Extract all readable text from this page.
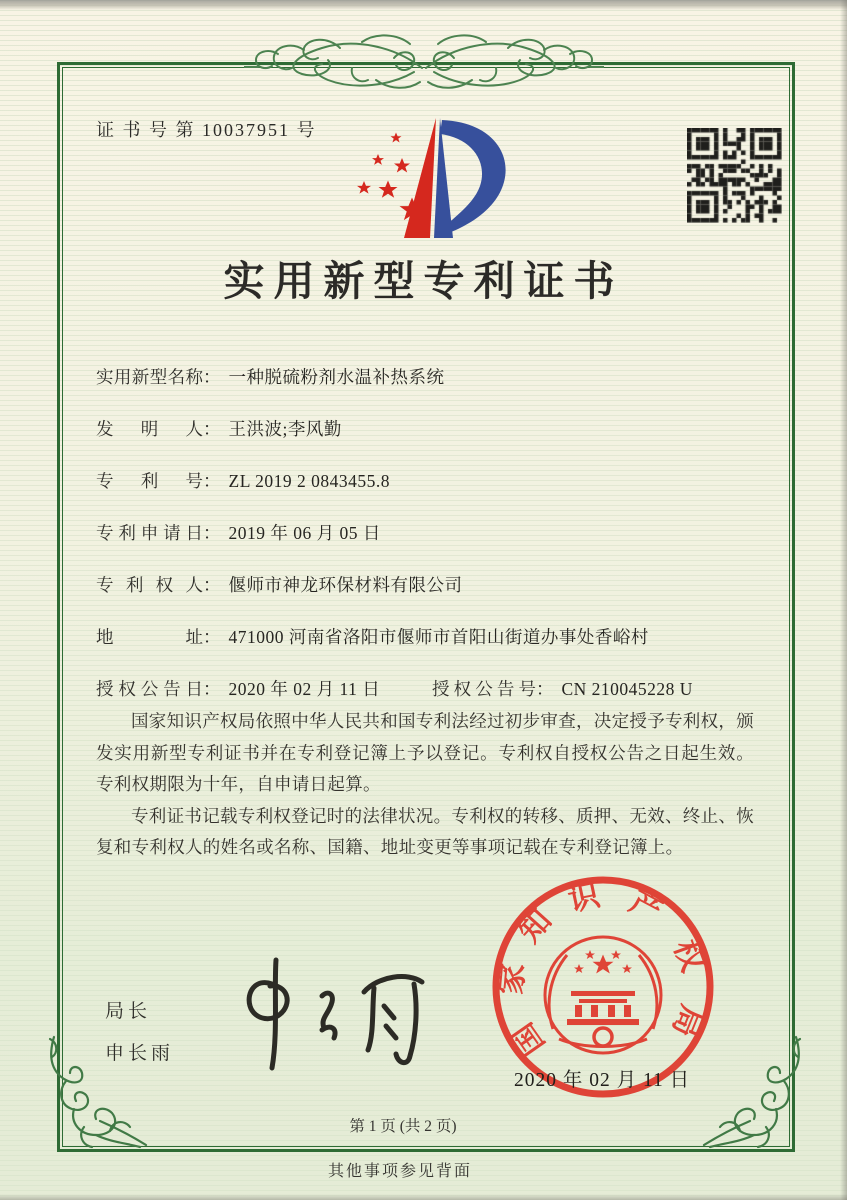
证 书 号 第 10037951 号
实用新型专利证书
实用新型名称： 一种脱硫粉剂水温补热系统
发明人： 王洪波;李风勤
专利号： ZL 2019 2 0843455.8
专利申请日： 2019 年 06 月 05 日
专利权人： 偃师市神龙环保材料有限公司
地址： 471000 河南省洛阳市偃师市首阳山街道办事处香峪村
授权公告日： 2020 年 02 月 11 日	授权公告号： CN 210045228 U

国家知识产权局依照中华人民共和国专利法经过初步审查，决定授予专利权，颁发实用新型专利证书并在专利登记簿上予以登记。专利权自授权公告之日起生效。专利权期限为十年，自申请日起算。

专利证书记载专利权登记时的法律状况。专利权的转移、质押、无效、终止、恢复和专利权人的姓名或名称、国籍、地址变更等事项记载在专利登记簿上。

局长
申长雨	国
家
知
识 产
权
局
2020 年 02 月 11 日
第 1 页 (共 2 页)
其他事项参见背面
